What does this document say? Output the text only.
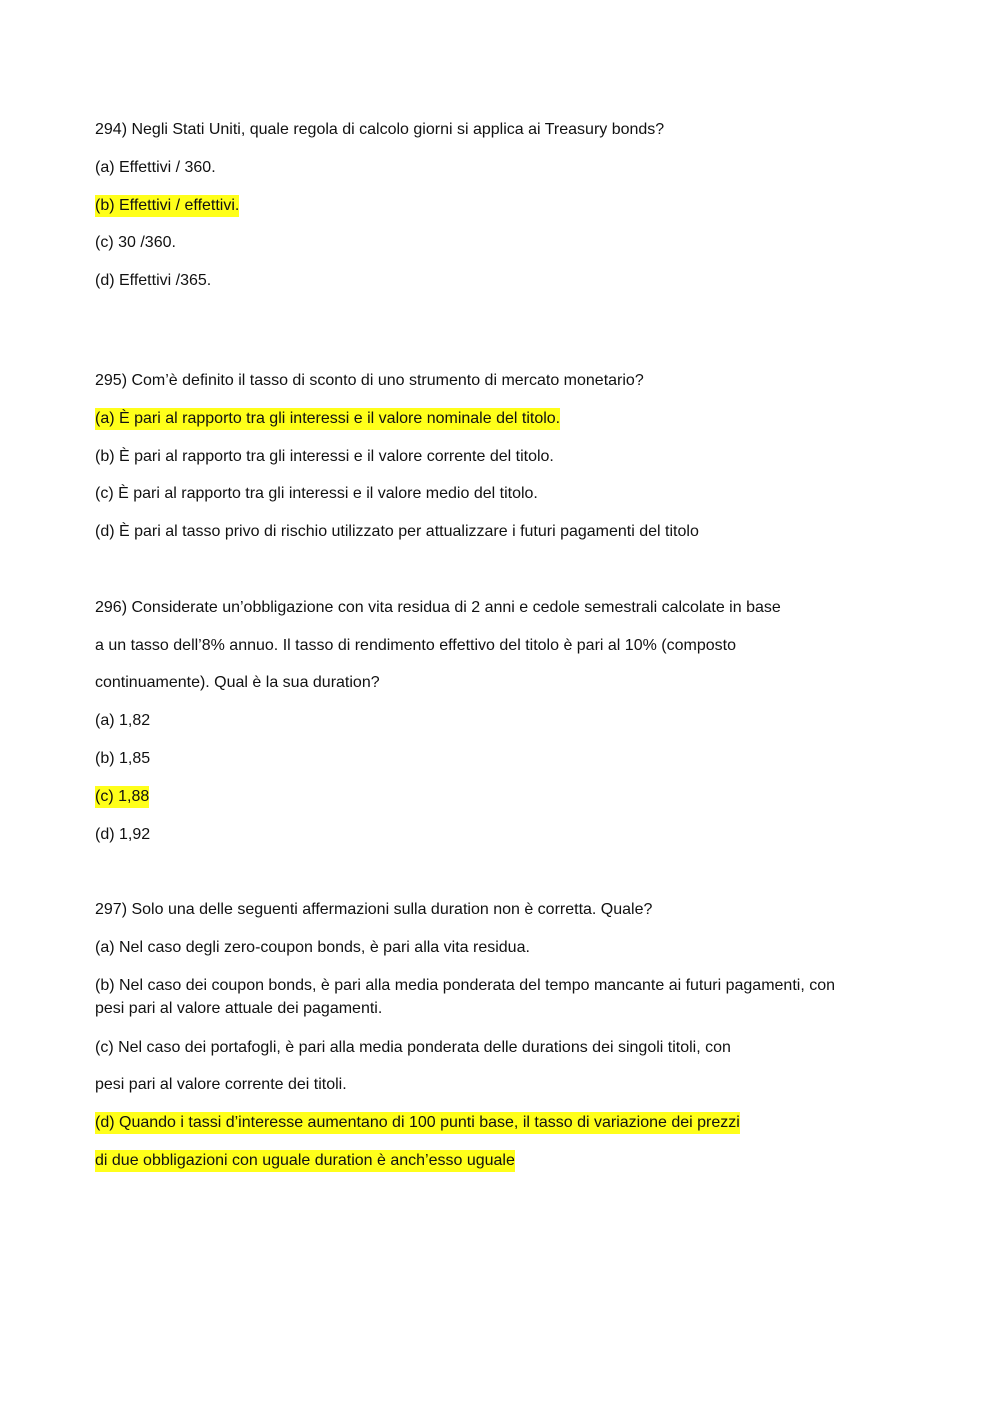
294) Negli Stati Uniti, quale regola di calcolo giorni si applica ai Treasury bonds?
(a) Effettivi / 360.
(b) Effettivi / effettivi.
(c) 30 /360.
(d) Effettivi /365.
295) Com’è definito il tasso di sconto di uno strumento di mercato monetario?
(a) È pari al rapporto tra gli interessi e il valore nominale del titolo.
(b) È pari al rapporto tra gli interessi e il valore corrente del titolo.
(c) È pari al rapporto tra gli interessi e il valore medio del titolo.
(d) È pari al tasso privo di rischio utilizzato per attualizzare i futuri pagamenti del titolo
296) Considerate un’obbligazione con vita residua di 2 anni e cedole semestrali calcolate in base
a un tasso dell’8% annuo. Il tasso di rendimento effettivo del titolo è pari al 10% (composto
continuamente). Qual è la sua duration?
(a) 1,82
(b) 1,85
(c) 1,88
(d) 1,92
297) Solo una delle seguenti affermazioni sulla duration non è corretta. Quale?
(a) Nel caso degli zero-coupon bonds, è pari alla vita residua.
(b) Nel caso dei coupon bonds, è pari alla media ponderata del tempo mancante ai futuri pagamenti, con
pesi pari al valore attuale dei pagamenti.
(c) Nel caso dei portafogli, è pari alla media ponderata delle durations dei singoli titoli, con
pesi pari al valore corrente dei titoli.
(d) Quando i tassi d’interesse aumentano di 100 punti base, il tasso di variazione dei prezzi
di due obbligazioni con uguale duration è anch’esso uguale
